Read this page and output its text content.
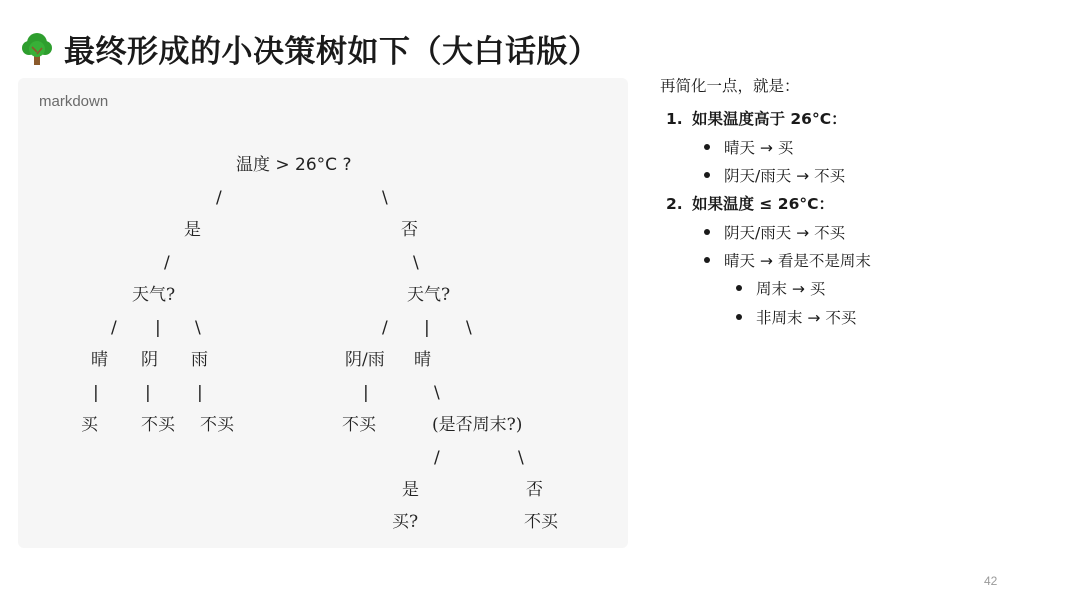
最终形成的小决策树如下（大白话版）
markdown
温度 > 26°C ?
/	\
是	否
/	\
天气?	天气?
/ | \	/ | \
晴 阴 雨	阴/雨 晴
|	|	|	|	\
买	不买 不买	不买	(是否周末?)
/	\
是	否
买?	不买
再简化一点，就是：
1. 如果温度高于 26°C：
晴天 → 买
阴天/雨天 → 不买
2. 如果温度 ≤ 26°C：
阴天/雨天 → 不买
晴天 → 看是不是周末
周末 → 买
非周末 → 不买
42
